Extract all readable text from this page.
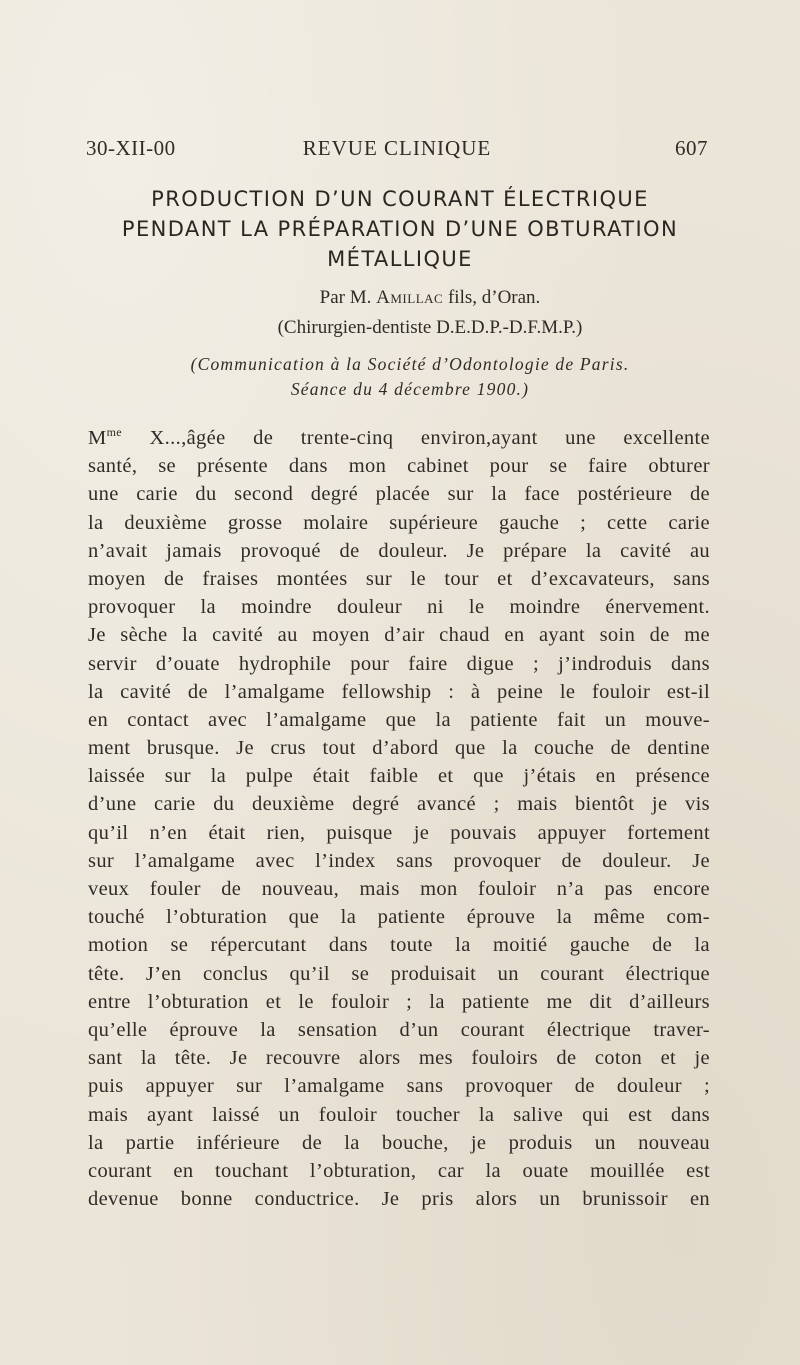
30-XII-00	REVUE CLINIQUE	607
PRODUCTION D’UN COURANT ÉLECTRIQUE
PENDANT LA PRÉPARATION D’UNE OBTURATION
MÉTALLIQUE
Par M. Amillac fils, d’Oran.
(Chirurgien-dentiste D.E.D.P.-D.F.M.P.)
(Communication à la Société d’Odontologie de Paris.
Séance du 4 décembre 1900.)
$M^{me}$ X...,âgée de trente-cinq environ,ayant une excellente
santé, se présente dans mon cabinet pour se faire obturer
une carie du second degré placée sur la face postérieure de
la deuxième grosse molaire supérieure gauche ; cette carie
n’avait jamais provoqué de douleur. Je prépare la cavité au
moyen de fraises montées sur le tour et d’excavateurs, sans
provoquer la moindre douleur ni le moindre énervement.
Je sèche la cavité au moyen d’air chaud en ayant soin de me
servir d’ouate hydrophile pour faire digue ; j’indroduis dans
la cavité de l’amalgame fellowship : à peine le fouloir est-il
en contact avec l’amalgame que la patiente fait un mouve-
ment brusque. Je crus tout d’abord que la couche de dentine
laissée sur la pulpe était faible et que j’étais en présence
d’une carie du deuxième degré avancé ; mais bientôt je vis
qu’il n’en était rien, puisque je pouvais appuyer fortement
sur l’amalgame avec l’index sans provoquer de douleur. Je
veux fouler de nouveau, mais mon fouloir n’a pas encore
touché l’obturation que la patiente éprouve la même com-
motion se répercutant dans toute la moitié gauche de la
tête. J’en conclus qu’il se produisait un courant électrique
entre l’obturation et le fouloir ; la patiente me dit d’ailleurs
qu’elle éprouve la sensation d’un courant électrique traver-
sant la tête. Je recouvre alors mes fouloirs de coton et je
puis appuyer sur l’amalgame sans provoquer de douleur ;
mais ayant laissé un fouloir toucher la salive qui est dans
la partie inférieure de la bouche, je produis un nouveau
courant en touchant l’obturation, car la ouate mouillée est
devenue bonne conductrice. Je pris alors un brunissoir en
